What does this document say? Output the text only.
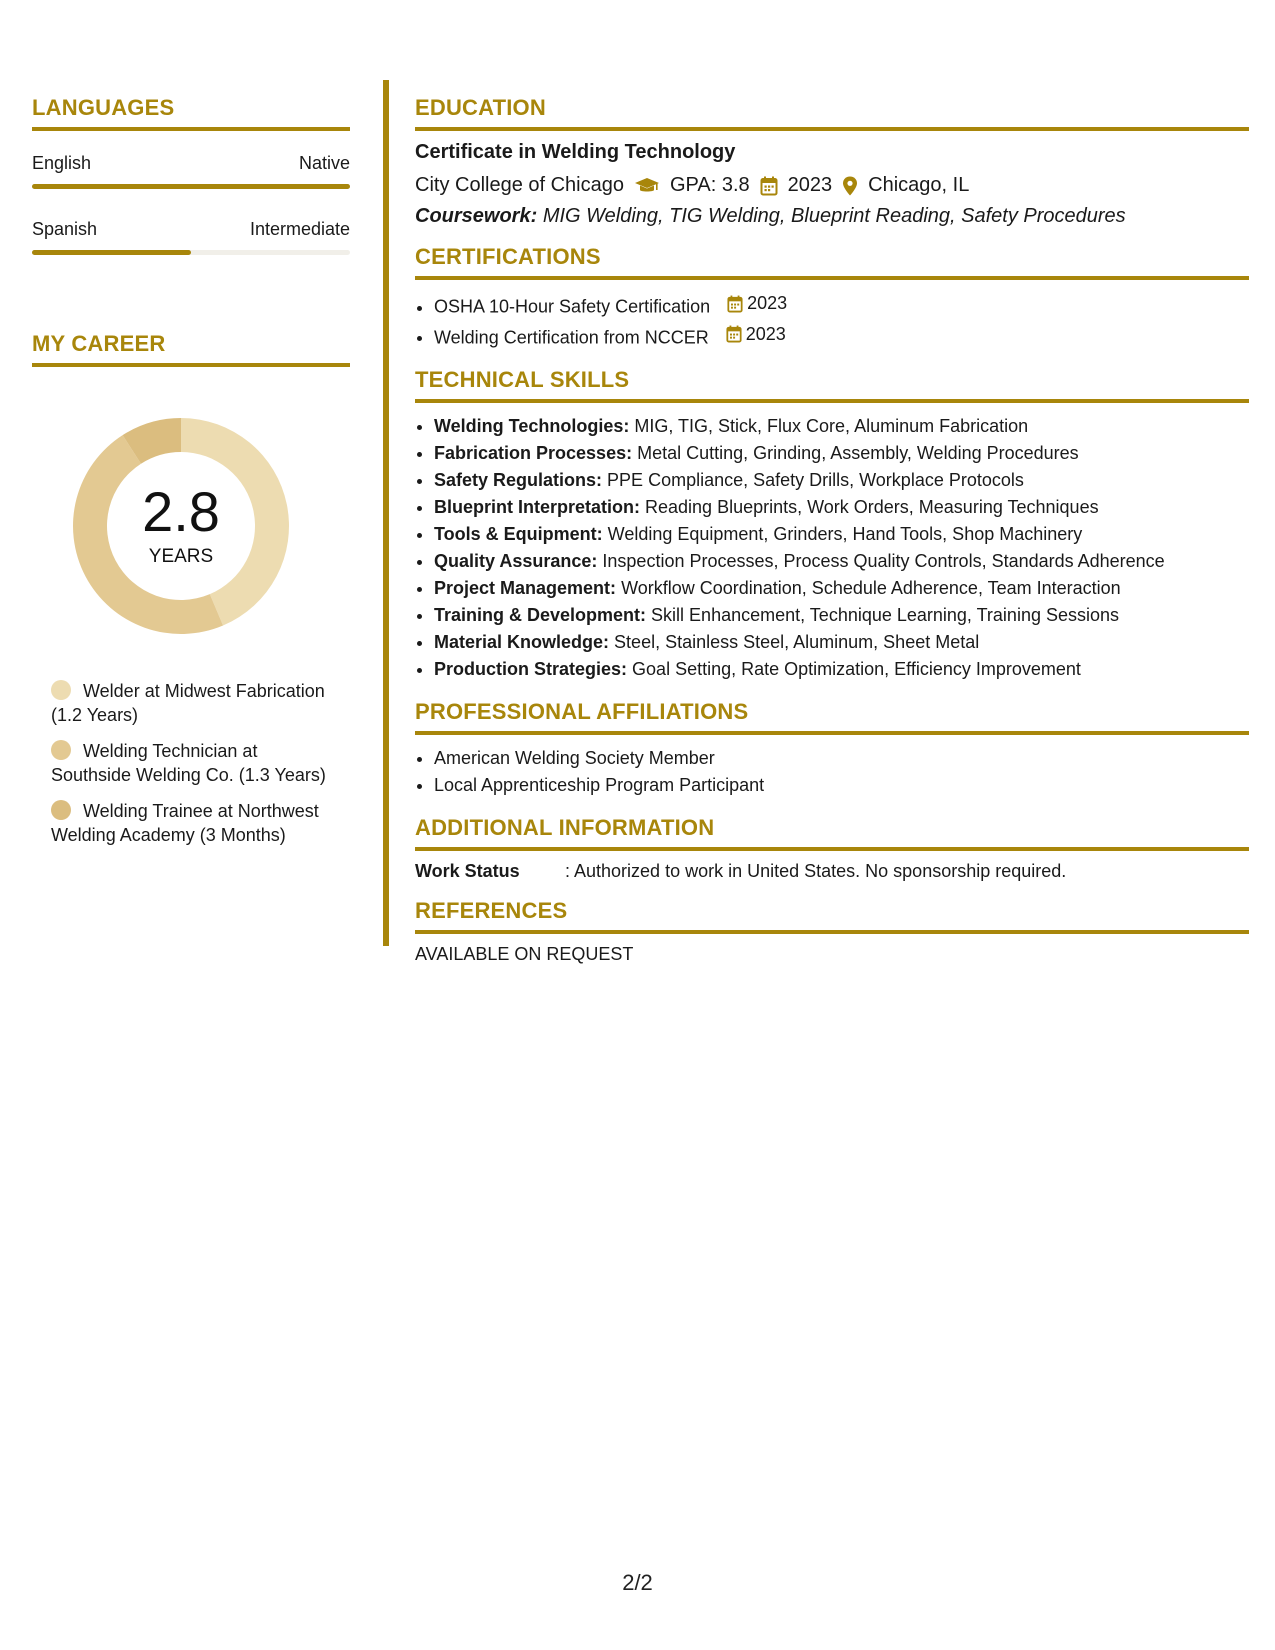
LANGUAGES
English	Native
Spanish	Intermediate
MY CAREER
2.8
YEARS
Welder at Midwest Fabrication (1.2 Years)
Welding Technician at Southside Welding Co. (1.3 Years)
Welding Trainee at Northwest Welding Academy (3 Months)
EDUCATION
Certificate in Welding Technology
City College of Chicago GPA: 3.8 2023 Chicago, IL
Coursework: MIG Welding, TIG Welding, Blueprint Reading, Safety Procedures
CERTIFICATIONS
• OSHA 10-Hour Safety Certification 2023
• Welding Certification from NCCER 2023
TECHNICAL SKILLS
• Welding Technologies: MIG, TIG, Stick, Flux Core, Aluminum Fabrication
• Fabrication Processes: Metal Cutting, Grinding, Assembly, Welding Procedures
• Safety Regulations: PPE Compliance, Safety Drills, Workplace Protocols
• Blueprint Interpretation: Reading Blueprints, Work Orders, Measuring Techniques
• Tools & Equipment: Welding Equipment, Grinders, Hand Tools, Shop Machinery
• Quality Assurance: Inspection Processes, Process Quality Controls, Standards Adherence
• Project Management: Workflow Coordination, Schedule Adherence, Team Interaction
• Training & Development: Skill Enhancement, Technique Learning, Training Sessions
• Material Knowledge: Steel, Stainless Steel, Aluminum, Sheet Metal
• Production Strategies: Goal Setting, Rate Optimization, Efficiency Improvement
PROFESSIONAL AFFILIATIONS
• American Welding Society Member
• Local Apprenticeship Program Participant
ADDITIONAL INFORMATION
Work Status	: Authorized to work in United States. No sponsorship required.
REFERENCES
AVAILABLE ON REQUEST
2/2
